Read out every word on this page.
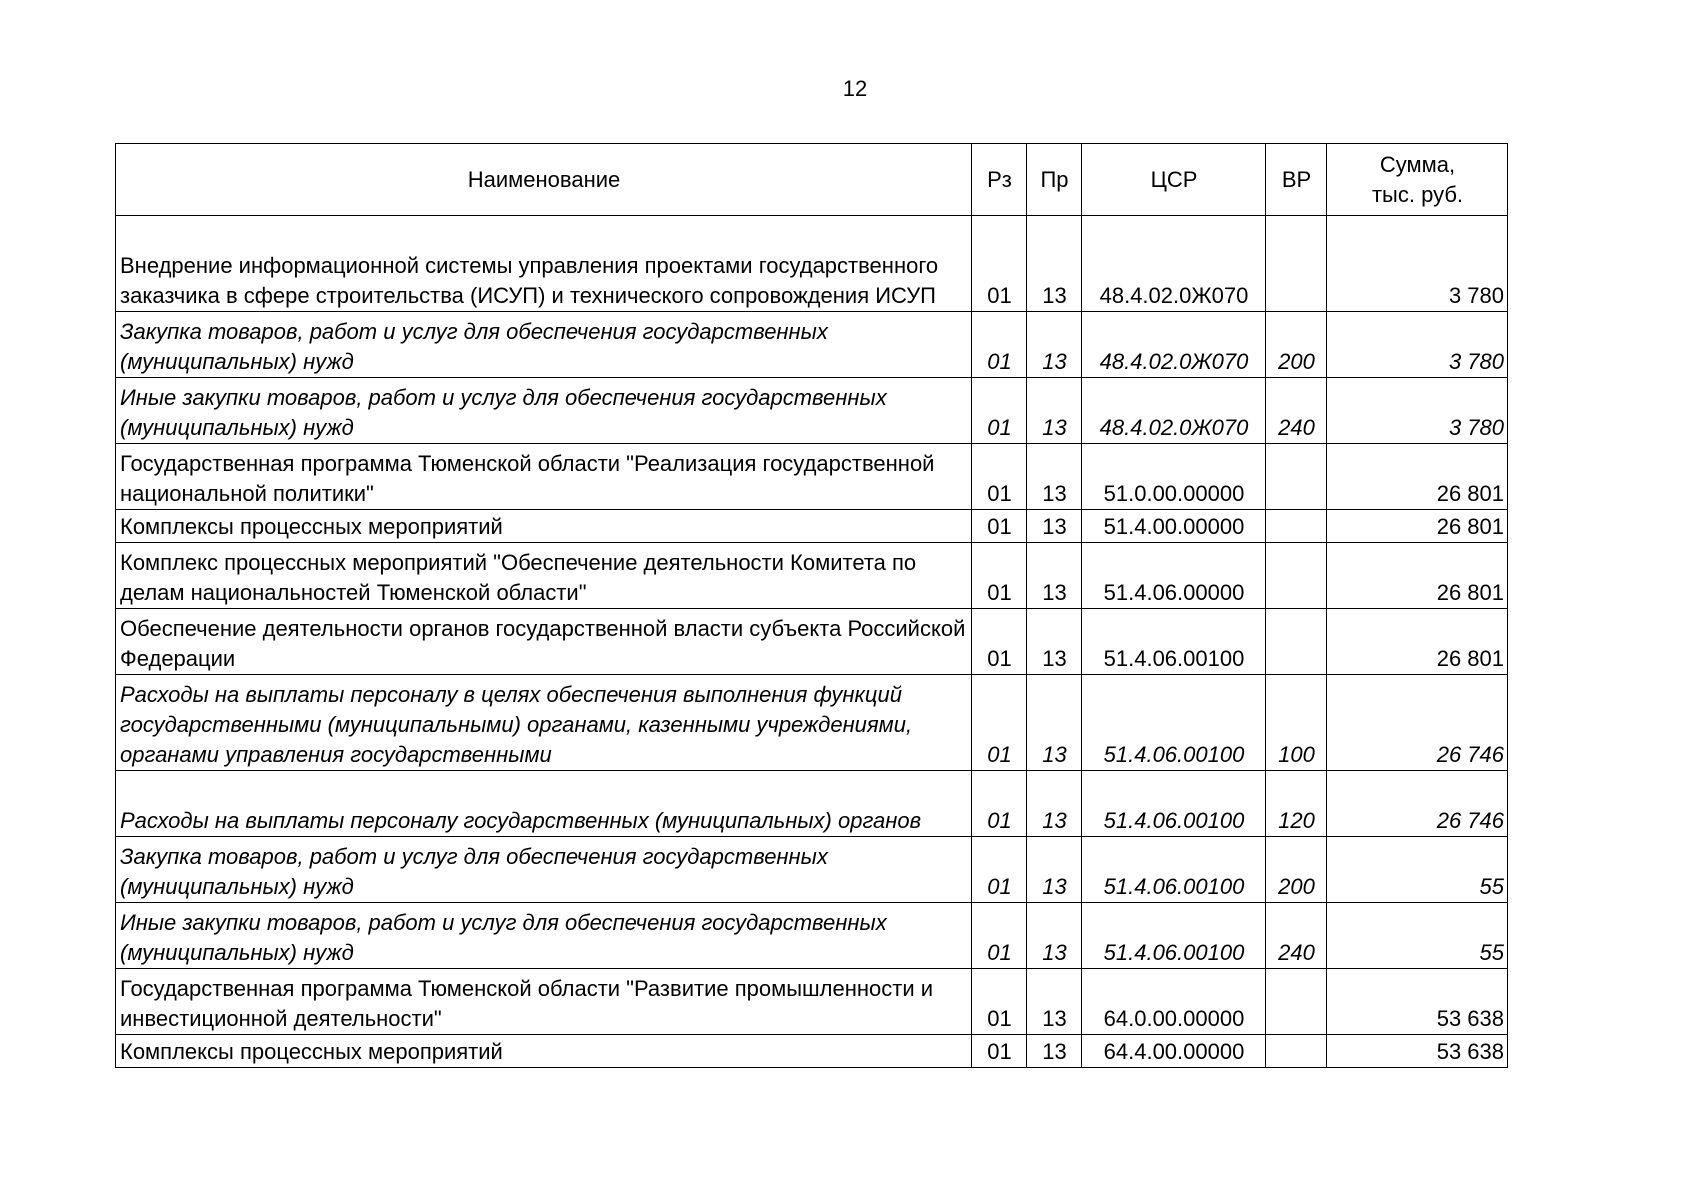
12
Наименование	Рз	Пр	ЦСР	ВР	Сумма,
тыс. руб.
Внедрение информационной системы управления проектами государственного заказчика в сфере строительства (ИСУП) и технического сопровождения ИСУП	01	13	48.4.02.0Ж070		3 780
Закупка товаров, работ и услуг для обеспечения государственных (муниципальных) нужд	01	13	48.4.02.0Ж070	200	3 780
Иные закупки товаров, работ и услуг для обеспечения государственных (муниципальных) нужд	01	13	48.4.02.0Ж070	240	3 780
Государственная программа Тюменской области "Реализация государственной национальной политики"	01	13	51.0.00.00000		26 801
Комплексы процессных мероприятий	01	13	51.4.00.00000		26 801
Комплекс процессных мероприятий "Обеспечение деятельности Комитета по делам национальностей Тюменской области"	01	13	51.4.06.00000		26 801
Обеспечение деятельности органов государственной власти субъекта Российской Федерации	01	13	51.4.06.00100		26 801
Расходы на выплаты персоналу в целях обеспечения выполнения функций государственными (муниципальными) органами, казенными учреждениями, органами управления государственными	01	13	51.4.06.00100	100	26 746
Расходы на выплаты персоналу государственных (муниципальных) органов	01	13	51.4.06.00100	120	26 746
Закупка товаров, работ и услуг для обеспечения государственных (муниципальных) нужд	01	13	51.4.06.00100	200	55
Иные закупки товаров, работ и услуг для обеспечения государственных (муниципальных) нужд	01	13	51.4.06.00100	240	55
Государственная программа Тюменской области "Развитие промышленности и инвестиционной деятельности"	01	13	64.0.00.00000		53 638
Комплексы процессных мероприятий	01	13	64.4.00.00000		53 638
